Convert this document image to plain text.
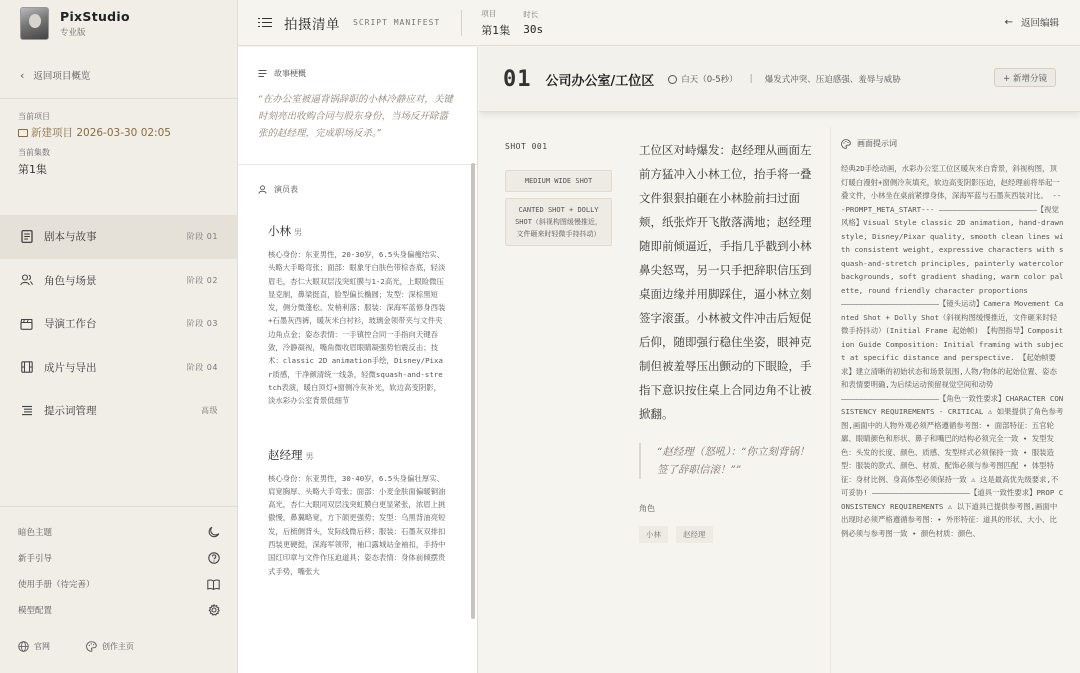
PixStudio
专业版
‹ 返回项目概览
当前项目
新建项目 2026-03-30 02:05
当前集数
第1集
剧本与故事	阶段 01
角色与场景	阶段 02
导演工作台	阶段 03
成片与导出	阶段 04
提示词管理	高级
暗色主题
新手引导
使用手册（待完善）
模型配置
官网	创作主页
拍摄清单 SCRIPT MANIFEST
项目
第1集
时长
30s
← 返回编辑
故事梗概
“在办公室被逼背锅辞职的小林冷静应对，关键时刻亮出收购合同与股东身份，当场反开除嚣张的赵经理，完成职场反杀。”
演员表
小林 男
核心身份：东亚男性，20-30岁，6.5头身偏瘦结实、头略大手略弯张；面部：眼象牙白肤色带棕杏底，轻淡眉毛，杏仁大眼双层浅突虹膜与1-2高光，上眼睑微压显克制，鼻梁挺直，脸型偏长椭圆；发型：深棕黑短发，侧分微蓬松、发梢利落；服装：深海军蓝修身西装+石墨灰西裤，暖灰米白衬衫，玻璃金领带夹与文件夹边角点金；姿态表情：一手镇控合同一手指向天键吞敛，冷静凝视，嘴角微收眉眼睛凝强势怕震反击；技术：classic 2D animation手绘，Disney/Pixar质感，干净颜清统一线条，轻微squash-and-stretch表演，暖白顶灯+窗侧冷灰补光，软边高变阴影，淡水彩办公室背景低细节
赵经理 男
核心身份：东亚男性，30-40岁，6.5头身偏壮厚实、肩宽胸厚、头略大手弯张；面部：小麦金肤面偏暖铜油高光，杏仁大眼同双层浅突虹膜白更显紧张，浓眉上挑傲慢，鼻翼略宽，方下颌更强势；发型：乌黑背油亮短发，后梳侧背头，发际线微后移；服装：石墨灰双排扣西装更硬挺，深海军领带，袖口露城站金袖扣，手持中国红印章与文件作压迫道具；姿态表情：身体前倾摆贵式手势，嘴张大
01 公司办公室/工位区	白天（0-5秒） | 爆发式冲突、压迫感强、羞辱与威胁	+ 新增分镜
SHOT 001
MEDIUM WIDE SHOT
CANTED SHOT + DOLLY SHOT（斜视构图缓慢推近，文件砸来时轻微手持抖动）
工位区对峙爆发：赵经理从画面左前方猛冲入小林工位，抬手将一叠文件狠狠拍砸在小林脸前扫过面颊，纸张炸开飞散落满地；赵经理随即前倾逼近，手指几乎戳到小林鼻尖怒骂，另一只手把辞职信压到桌面边缘并用脚踩住，逼小林立刻签字滚蛋。小林被文件冲击后短促后仰，随即强行稳住坐姿，眼神克制但被羞辱压出颤动的下眼睑，手指下意识按住桌上合同边角不让被掀翻。
“赵经理（怒吼）：“你立刻背锅！签了辞职信滚！””
角色
小林	赵经理
画面提示词
经典2D手绘动画，水彩办公室工位区暖灰米白背景，斜视构图，顶灯暖白漫射+窗侧冷灰填充，软边高变阴影压迫，赵经理前将举起一叠文件，小林坐在桌前紧撑身体，深海军蓝与石墨灰西装对比。 ---PROMPT_META_START--- ——————————————————————【视觉风格】Visual Style classic 2D animation, hand-drawn style, Disney/Pixar quality, smooth clean lines with consistent weight, expressive characters with squash-and-stretch principles, painterly watercolor backgrounds, soft gradient shading, warm color palette, round friendly character proportions ——————————————————————【镜头运动】Camera Movement Canted Shot + Dolly Shot（斜视构图缓慢推近，文件砸来时轻微手持抖动）(Initial Frame 起始帧) 【构图指导】Composition Guide Composition: Initial framing with subject at specific distance and perspective. 【起始帧要求】建立清晰的初始状态和场景氛围,人物/物体的起始位置、姿态和表情要明确,为后续运动预留视觉空间和动势 ——————————————————————【角色一致性要求】CHARACTER CONSISTENCY REQUIREMENTS - CRITICAL ⚠ 如果提供了角色参考图,画面中的人物外观必须严格遵循参考图：• 面部特征：五官轮廓、眼睛颜色和形状、鼻子和嘴巴的结构必须完全一致 • 发型发色：头发的长度、颜色、质感、发型样式必须保持一致 • 服装造型：服装的款式、颜色、材质、配饰必须与参考图匹配 • 体型特征：身材比例、身高体型必须保持一致 ⚠ 这是最高优先级要求,不可妥协! ——————————————————————【道具一致性要求】PROP CONSISTENCY REQUIREMENTS ⚠ 以下道具已提供参考图,画面中出现时必须严格遵循参考图：• 外形特征：道具的形状、大小、比例必须与参考图一致 • 颜色材质：颜色、
